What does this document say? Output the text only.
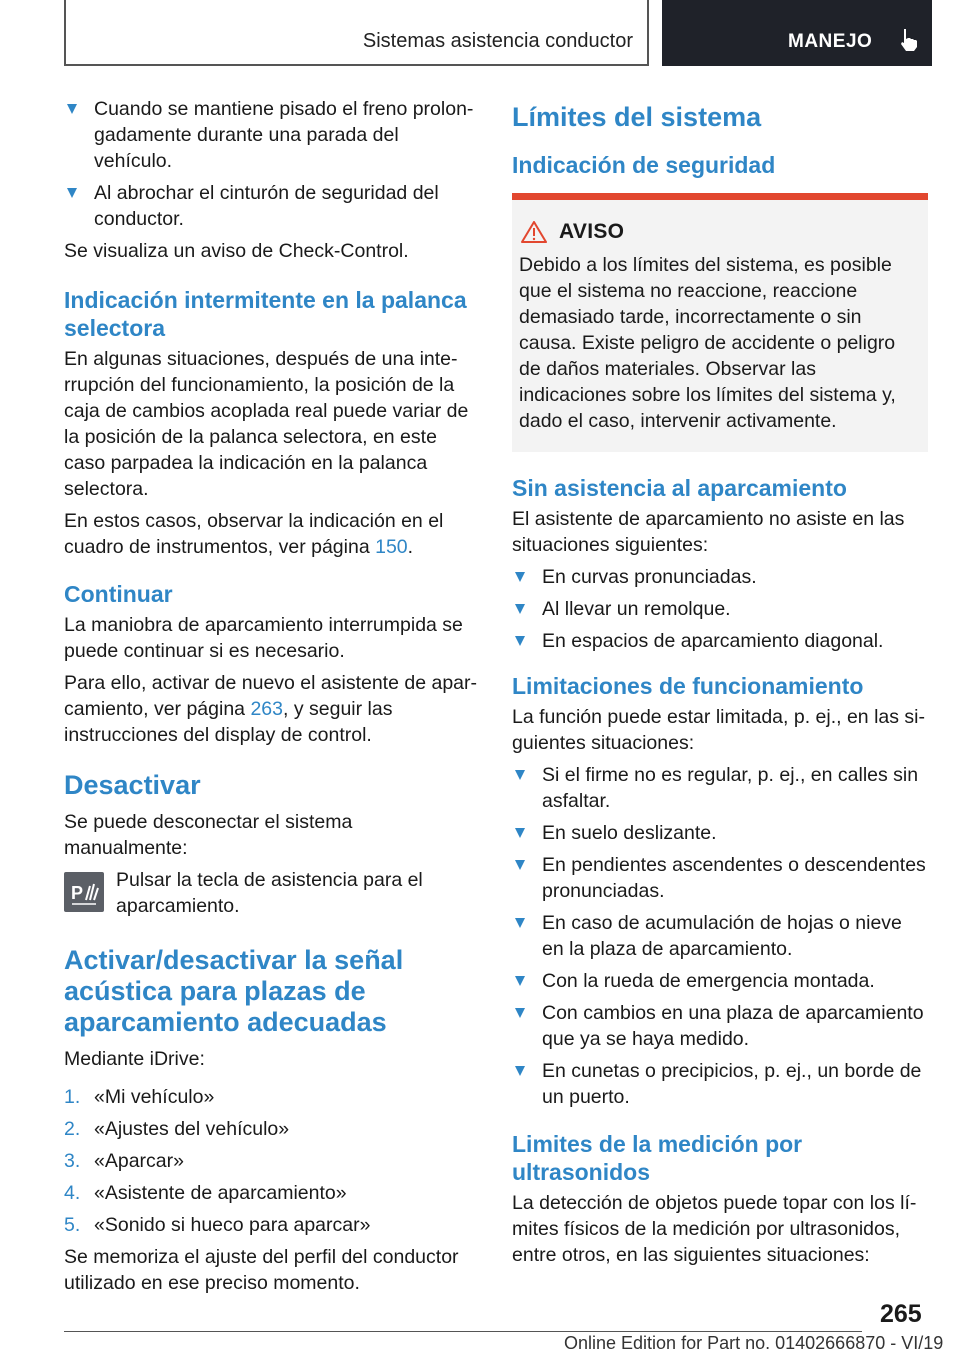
Sistemas asistencia conductor	MANEJO
Cuando se mantiene pisado el freno prolongadamente durante una parada del vehículo.
Al abrochar el cinturón de seguridad del conductor.

Se visualiza un aviso de Check-Control.

Indicación intermitente en la palanca selectora

En algunas situaciones, después de una interrupción del funcionamiento, la posición de la caja de cambios acoplada real puede variar de la posición de la palanca selectora, en este caso parpadea la indicación en la palanca selectora.

En estos casos, observar la indicación en el cuadro de instrumentos, ver página 150.

Continuar

La maniobra de aparcamiento interrumpida se puede continuar si es necesario.

Para ello, activar de nuevo el asistente de aparcamiento, ver página 263, y seguir las instrucciones del display de control.

Desactivar

Se puede desconectar el sistema manualmente:

P

Pulsar la tecla de asistencia para el aparcamiento.

Activar/desactivar la señal acústica para plazas de aparcamiento adecuadas

Mediante iDrive:

1. «Mi vehículo»
2. «Ajustes del vehículo»
3. «Aparcar»
4. «Asistente de aparcamiento»
5. «Sonido si hueco para aparcar»

Se memoriza el ajuste del perfil del conductor utilizado en ese preciso momento.

Límites del sistema
Indicación de seguridad
AVISO

Debido a los límites del sistema, es posible que el sistema no reaccione, reaccione demasiado tarde, incorrectamente o sin causa. Existe peligro de accidente o peligro de daños materiales. Observar las indicaciones sobre los límites del sistema y, dado el caso, intervenir activamente.

Sin asistencia al aparcamiento

El asistente de aparcamiento no asiste en las situaciones siguientes:

En curvas pronunciadas.
Al llevar un remolque.
En espacios de aparcamiento diagonal.
Limitaciones de funcionamiento

La función puede estar limitada, p. ej., en las siguientes situaciones:

Si el firme no es regular, p. ej., en calles sin asfaltar.
En suelo deslizante.
En pendientes ascendentes o descendentes pronunciadas.
En caso de acumulación de hojas o nieve en la plaza de aparcamiento.
Con la rueda de emergencia montada.
Con cambios en una plaza de aparcamiento que ya se haya medido.
En cunetas o precipicios, p. ej., un borde de un puerto.
Limites de la medición por ultrasonidos

La detección de objetos puede topar con los límites físicos de la medición por ultrasonidos, entre otros, en las siguientes situaciones:

265
Online Edition for Part no. 01402666870 - VI/19
